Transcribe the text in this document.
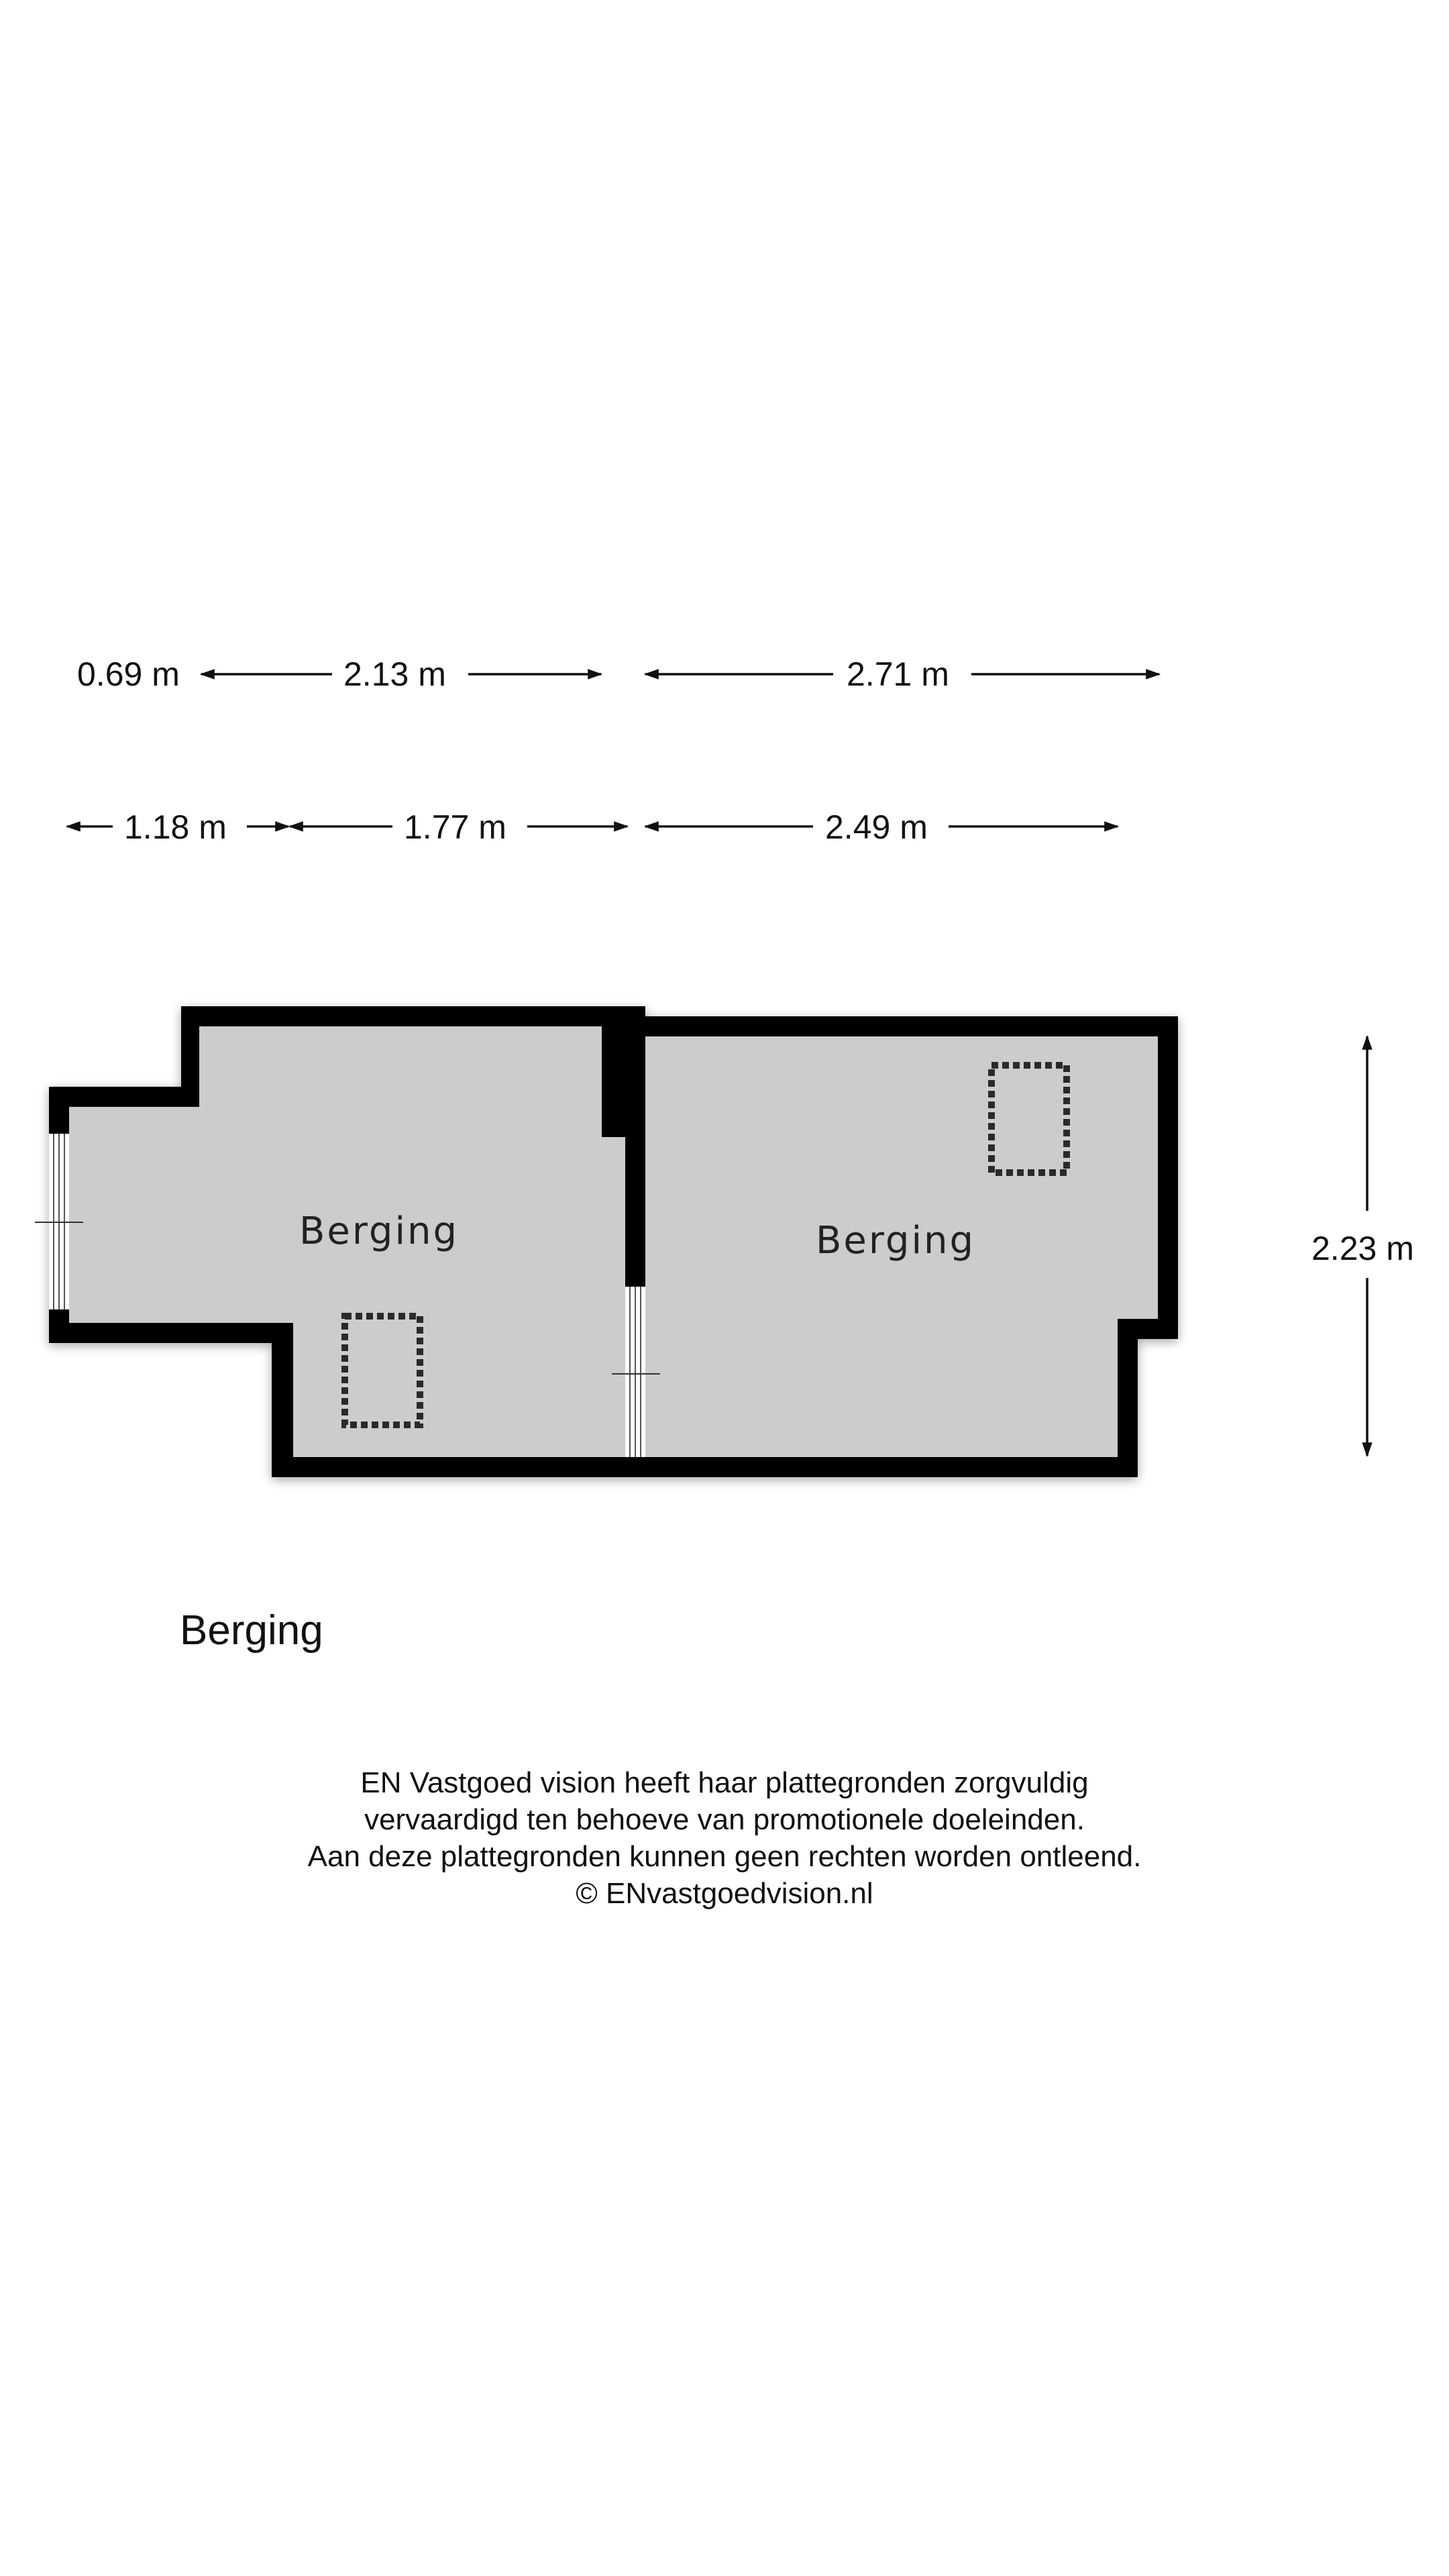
0.69 m	2.13 m	2.71 m
1.18 m	1.77 m	2.49 m
2.23 m
Berging	Berging
Berging
EN Vastgoed vision heeft haar plattegronden zorgvuldig
vervaardigd ten behoeve van promotionele doeleinden.
Aan deze plattegronden kunnen geen rechten worden ontleend.
© ENvastgoedvision.nl
